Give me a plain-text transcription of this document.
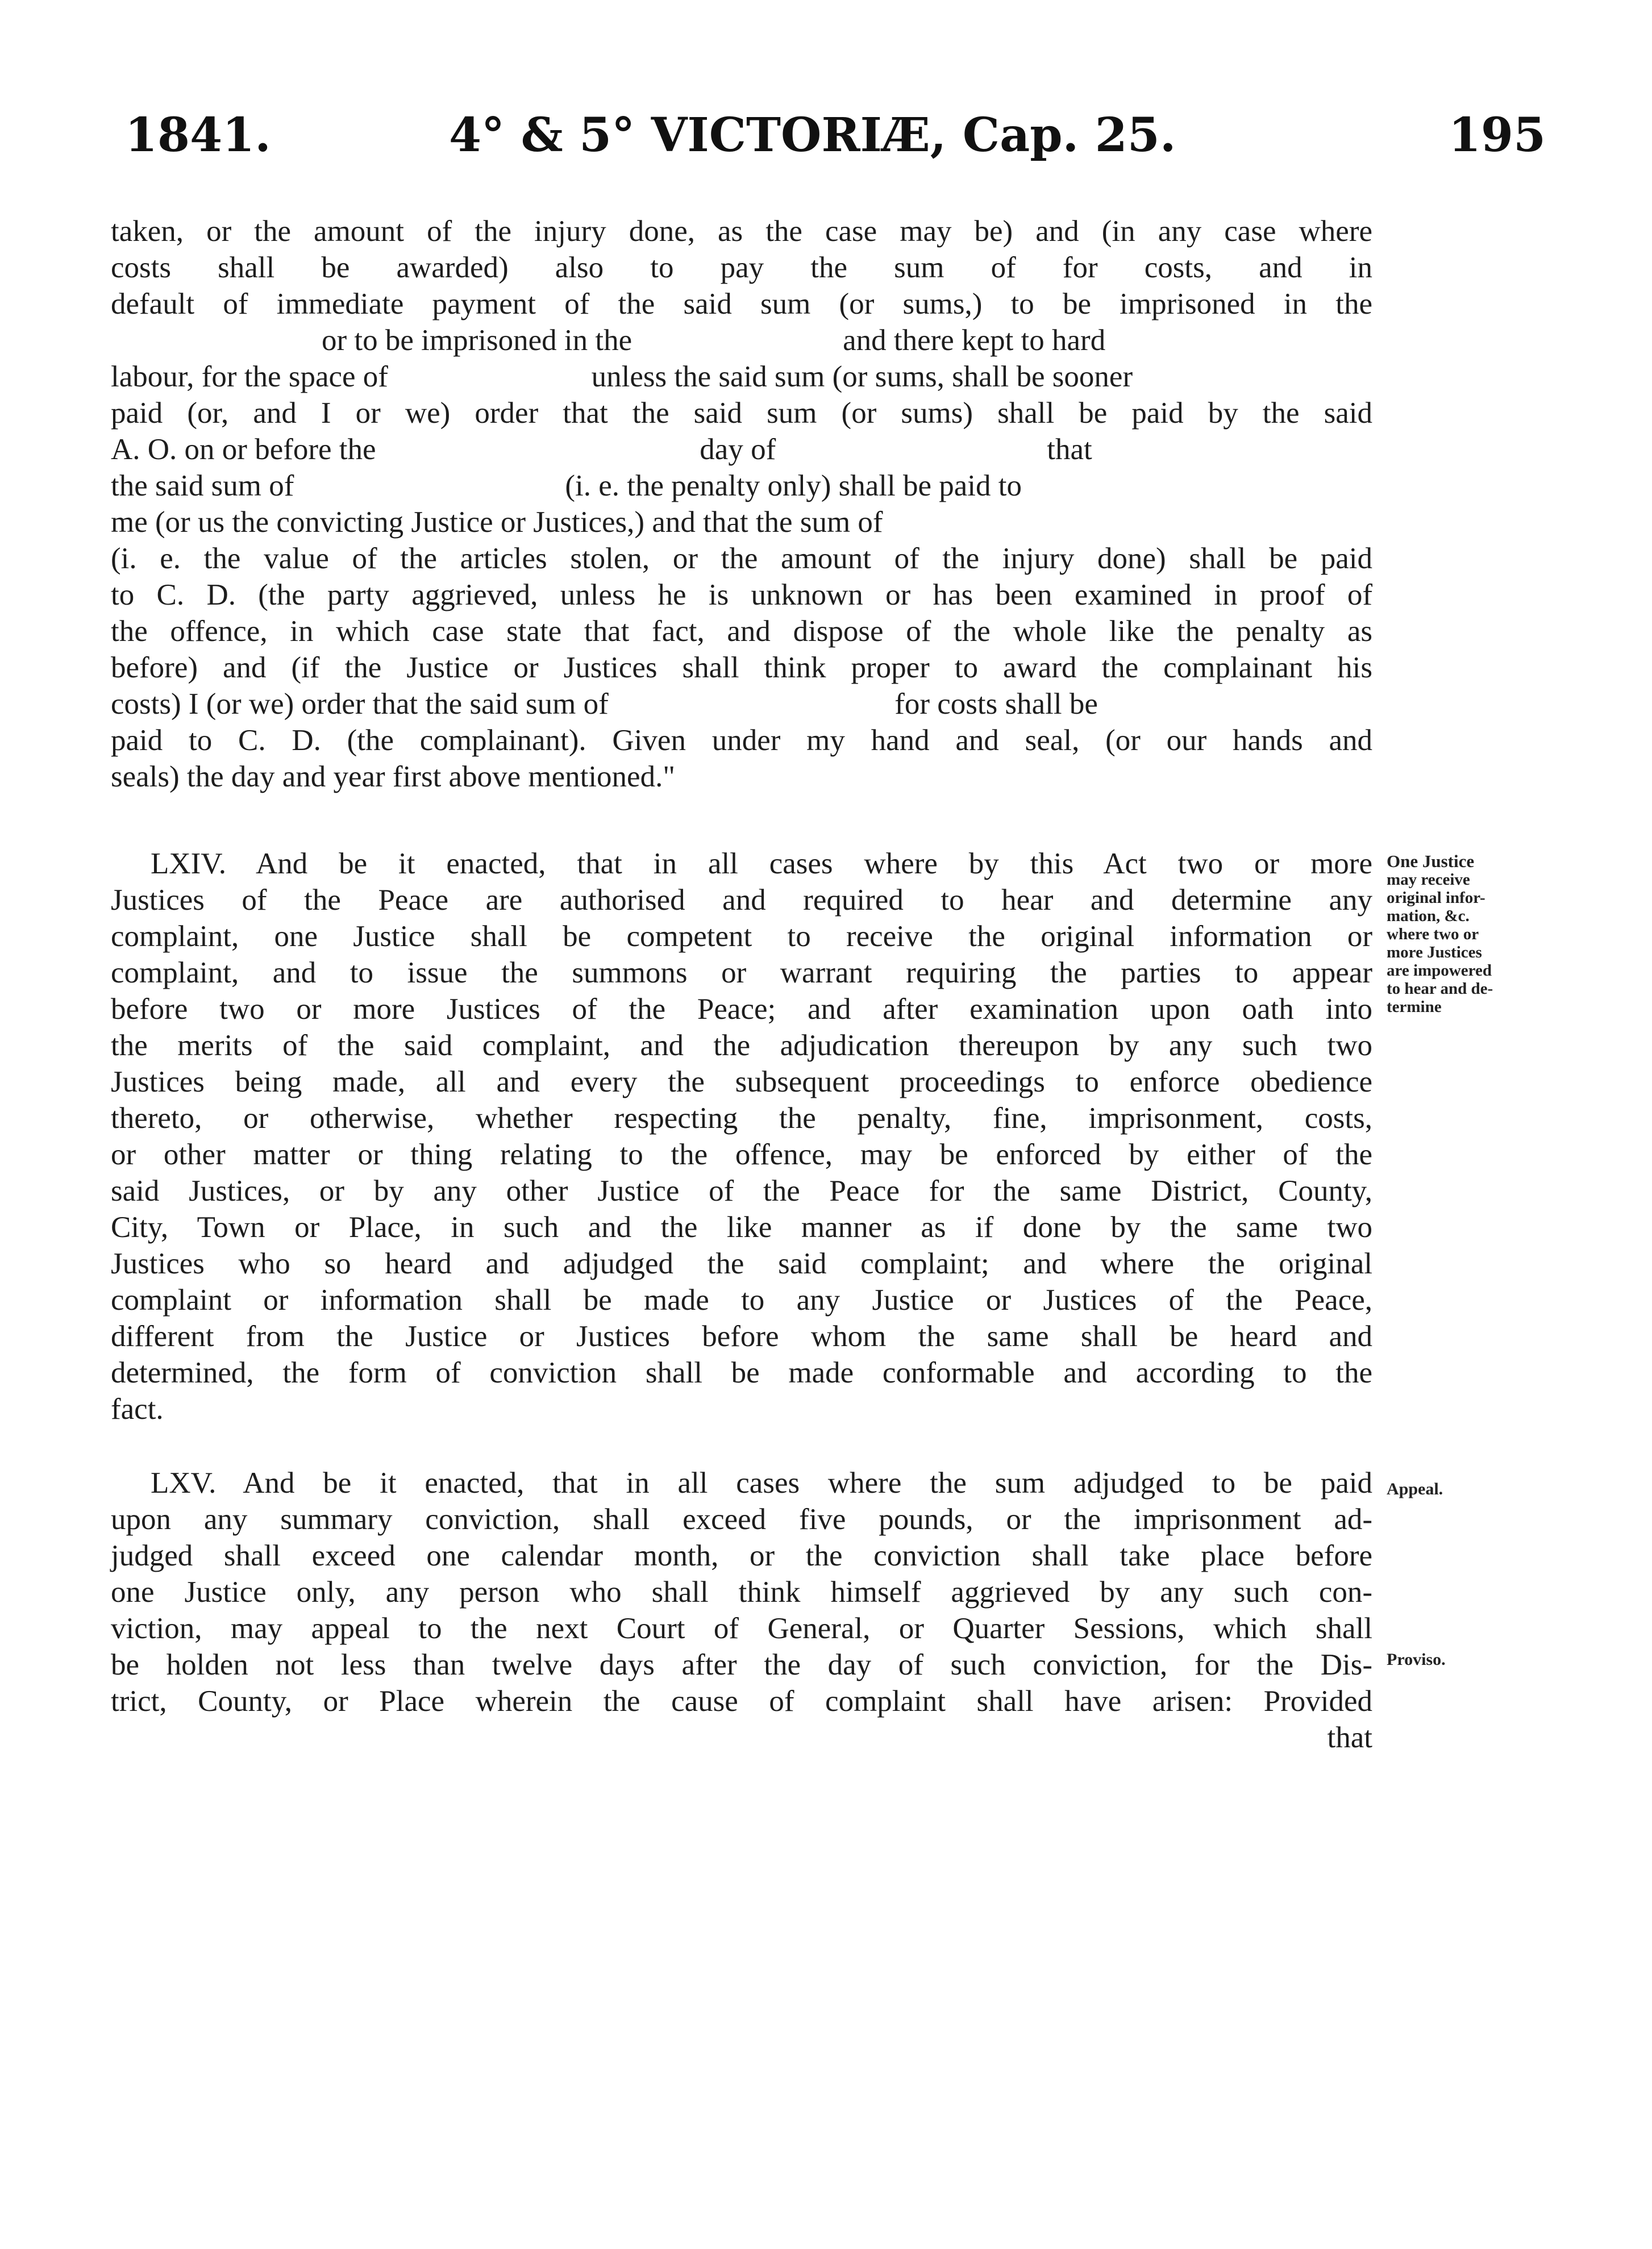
1841.	4° & 5° VICTORIÆ, Cap. 25.	195
taken, or the amount of the injury done, as the case may be) and (in any case where
costs shall be awarded) also to pay the sum of for costs, and in
default of immediate payment of the said sum (or sums,) to be imprisoned in the
or to be imprisoned in the                            and there kept to hard
labour, for the space of                           unless the said sum (or sums, shall be sooner
paid (or, and I or we) order that the said sum (or sums) shall be paid by the said
A. O. on or before the                                           day of                                    that
the said sum of                                    (i. e. the penalty only) shall be paid to
me (or us the convicting Justice or Justices,) and that the sum of
(i. e. the value of the articles stolen, or the amount of the injury done) shall be paid
to C. D. (the party aggrieved, unless he is unknown or has been examined in proof of
the offence, in which case state that fact, and dispose of the whole like the penalty as
before) and (if the Justice or Justices shall think proper to award the complainant his
costs) I (or we) order that the said sum of                                      for costs shall be
paid to C. D. (the complainant). Given under my hand and seal, (or our hands and
seals) the day and year first above mentioned."
LXIV. And be it enacted, that in all cases where by this Act two or more
Justices of the Peace are authorised and required to hear and determine any
complaint, one Justice shall be competent to receive the original information or
complaint, and to issue the summons or warrant requiring the parties to appear
before two or more Justices of the Peace; and after examination upon oath into
the merits of the said complaint, and the adjudication thereupon by any such two
Justices being made, all and every the subsequent proceedings to enforce obedience
thereto, or otherwise, whether respecting the penalty, fine, imprisonment, costs,
or other matter or thing relating to the offence, may be enforced by either of the
said Justices, or by any other Justice of the Peace for the same District, County,
City, Town or Place, in such and the like manner as if done by the same two
Justices who so heard and adjudged the said complaint; and where the original
complaint or information shall be made to any Justice or Justices of the Peace,
different from the Justice or Justices before whom the same shall be heard and
determined, the form of conviction shall be made conformable and according to the
fact.
LXV. And be it enacted, that in all cases where the sum adjudged to be paid
upon any summary conviction, shall exceed five pounds, or the imprisonment ad-
judged shall exceed one calendar month, or the conviction shall take place before
one Justice only, any person who shall think himself aggrieved by any such con-
viction, may appeal to the next Court of General, or Quarter Sessions, which shall
be holden not less than twelve days after the day of such conviction, for the Dis-
trict, County, or Place wherein the cause of complaint shall have arisen: Provided
that
One Justice
may receive
original infor-
mation, &c.
where two or
more Justices
are impowered
to hear and de-
termine
Appeal.
Proviso.
